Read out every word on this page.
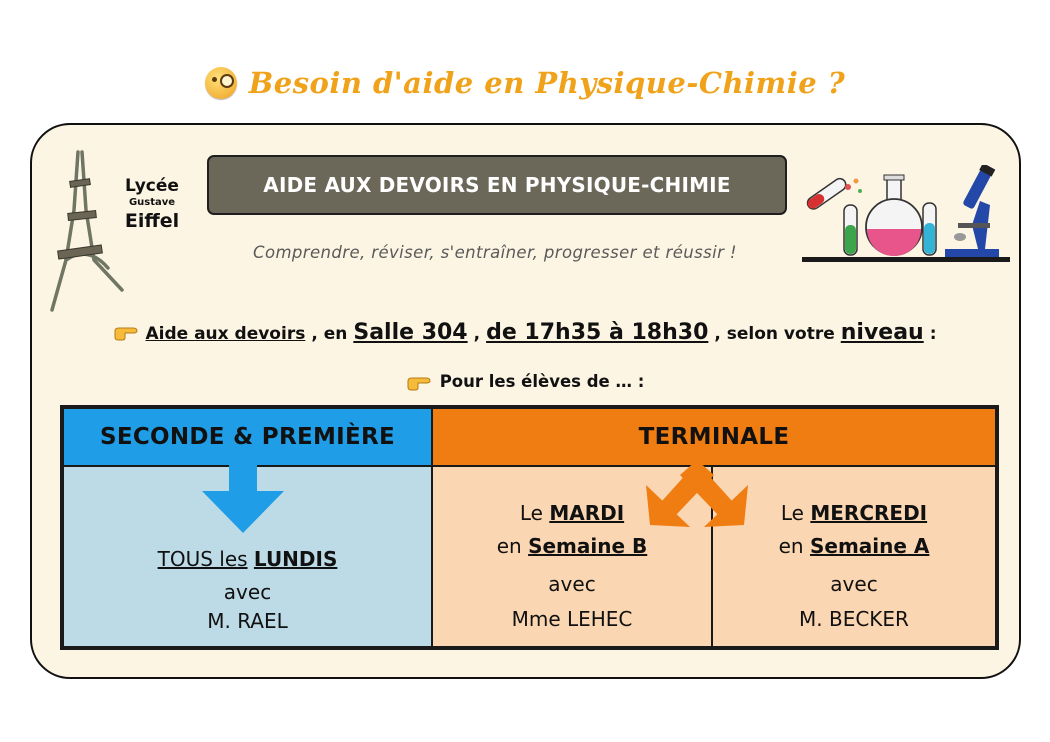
Besoin d'aide en Physique-Chimie ?
Lycée
Gustave
Eiffel
AIDE AUX DEVOIRS EN PHYSIQUE-CHIMIE
Comprendre, réviser, s'entraîner, progresser et réussir !
Aide aux devoirs , en Salle 304 , de 17h35 à 18h30 , selon votre niveau :
Pour les élèves de … :
SECONDE & PREMIÈRE	TERMINALE
TOUS les LUNDIS
avec
M. RAEL
Le MARDI
en Semaine B
avec
Mme LEHEC
Le MERCREDI
en Semaine A
avec
M. BECKER
